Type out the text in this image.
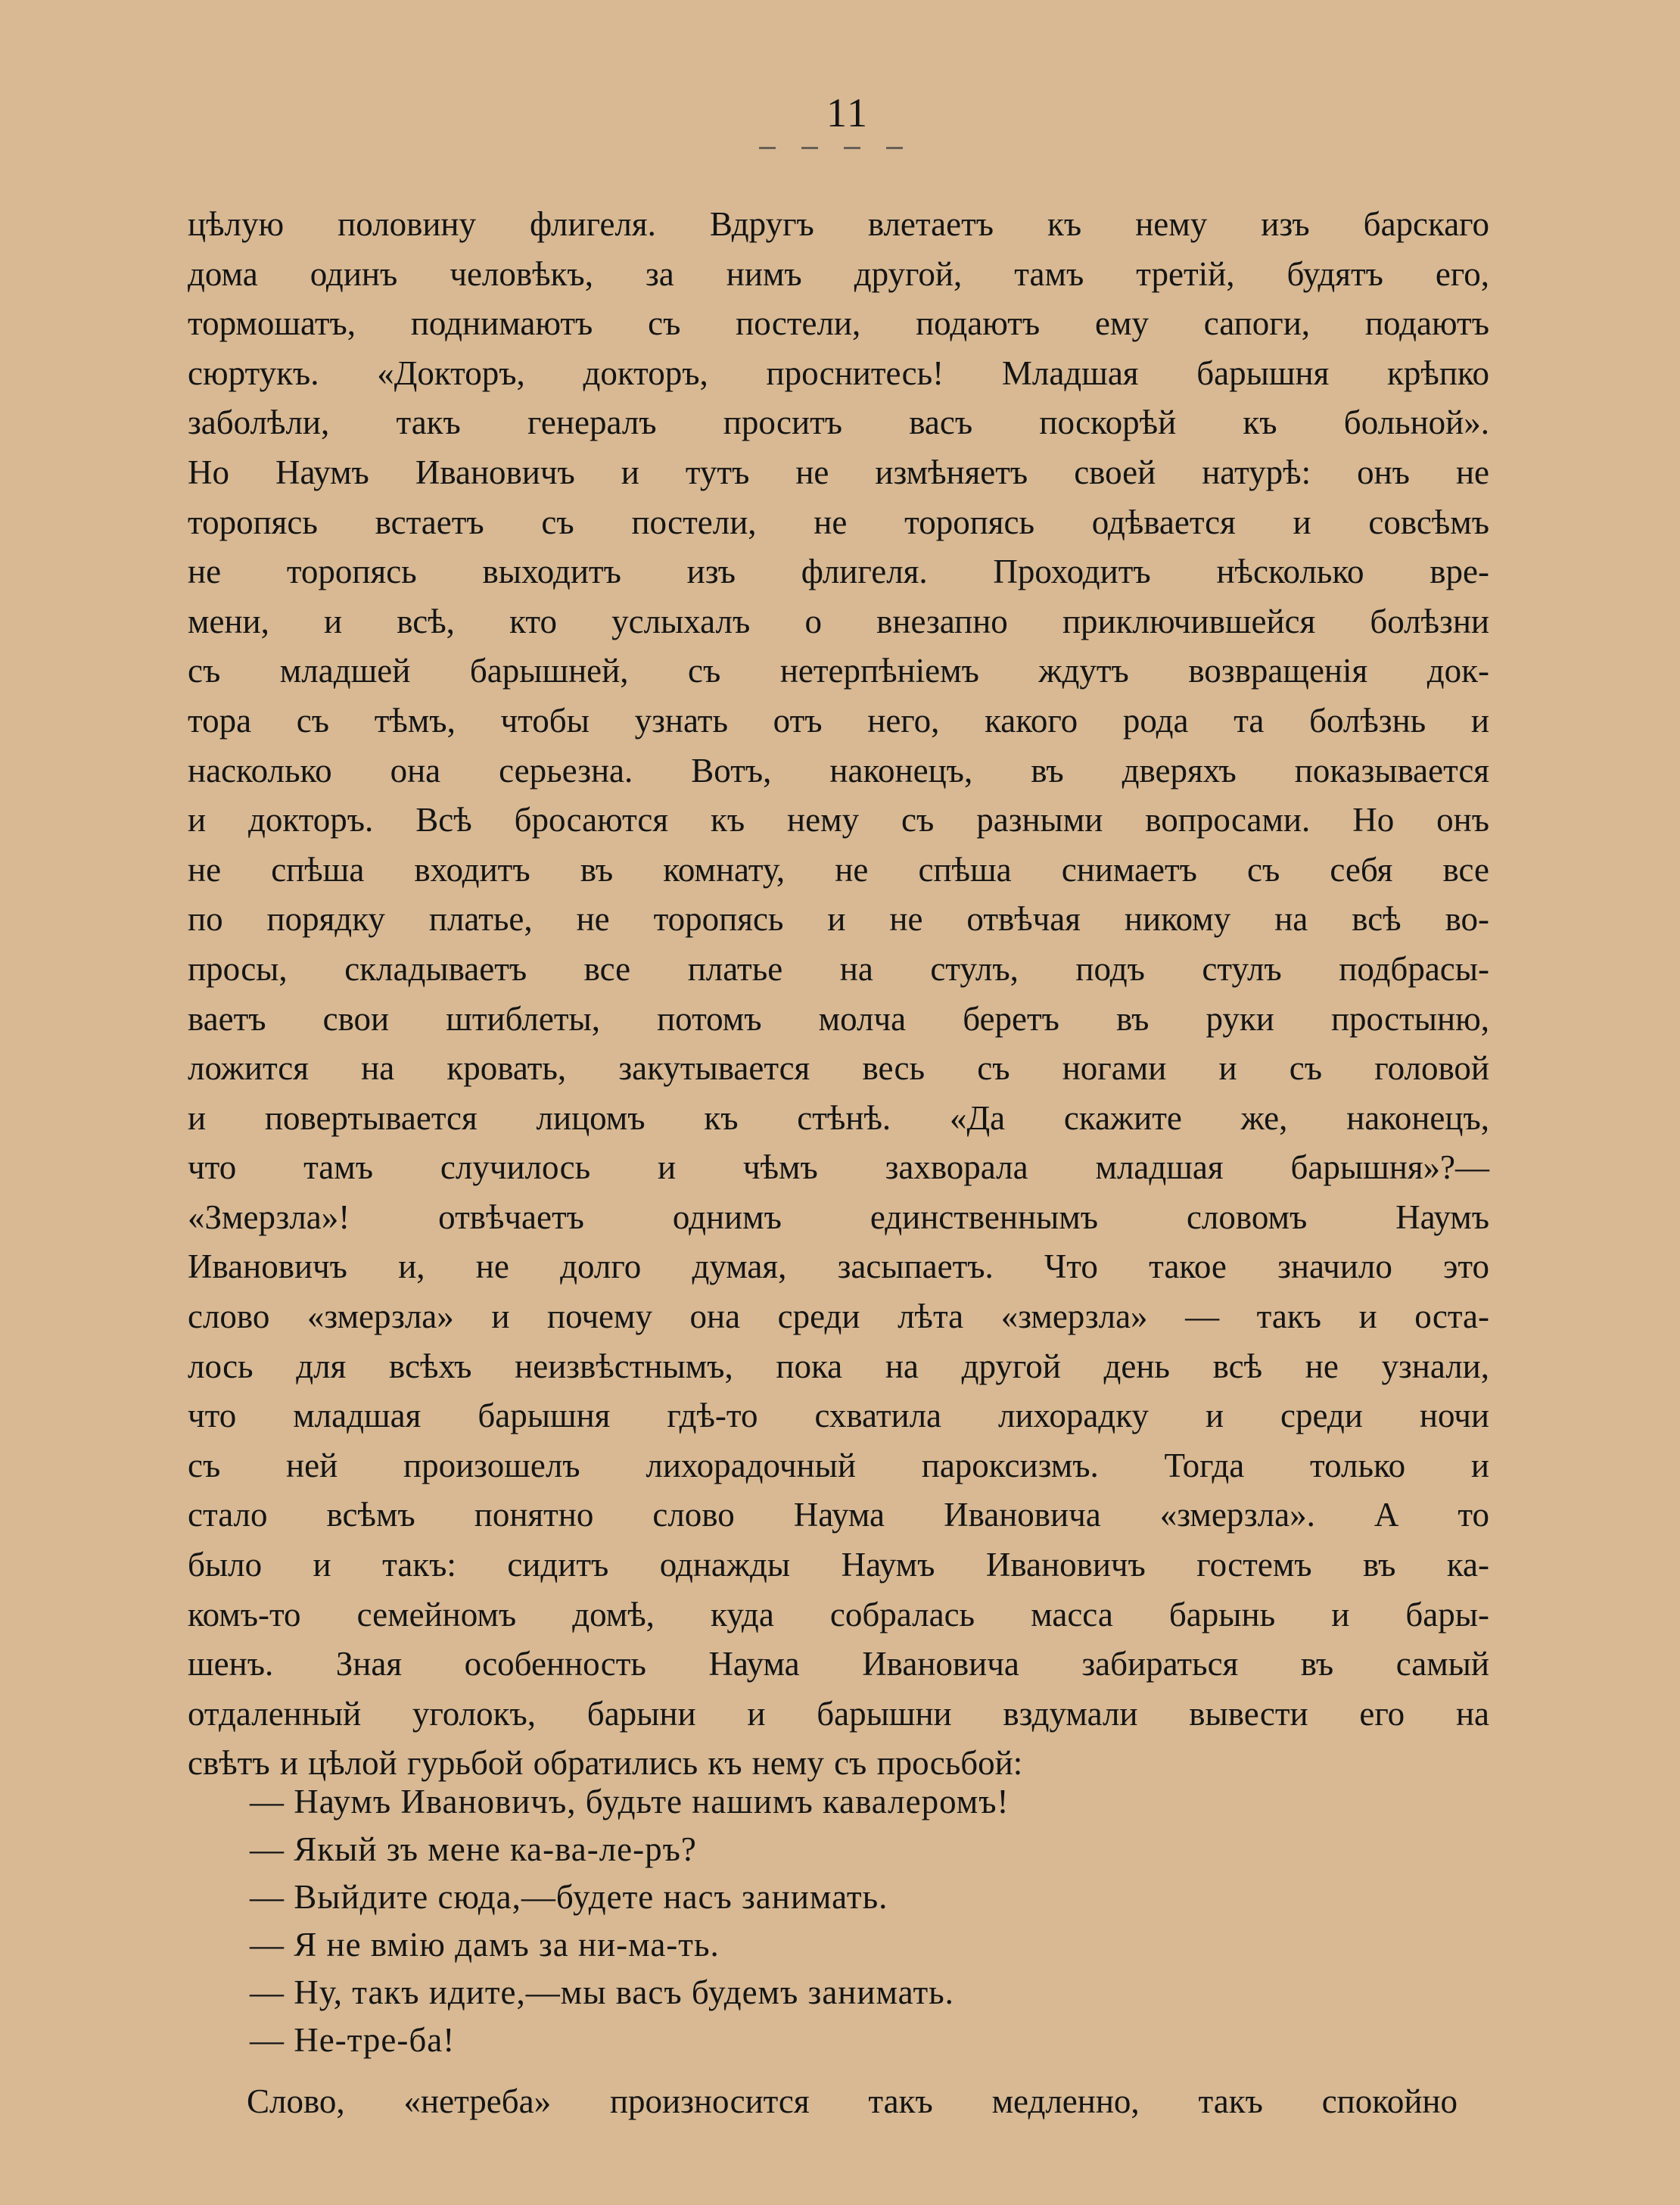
11
цѣлую половину флигеля. Вдругъ влетаетъ къ нему изъ барскаго
дома одинъ человѣкъ, за нимъ другой, тамъ третій, будятъ его,
тормошатъ, поднимаютъ съ постели, подаютъ ему сапоги, подаютъ
сюртукъ. «Докторъ, докторъ, проснитесь! Младшая барышня крѣпко
заболѣли, такъ генералъ проситъ васъ поскорѣй къ больной».
Но Наумъ Ивановичъ и тутъ не измѣняетъ своей натурѣ: онъ не
торопясь встаетъ съ постели, не торопясь одѣвается и совсѣмъ
не торопясь выходитъ изъ флигеля. Проходитъ нѣсколько вре-
мени, и всѣ, кто услыхалъ о внезапно приключившейся болѣзни
съ младшей барышней, съ нетерпѣніемъ ждутъ возвращенія док-
тора съ тѣмъ, чтобы узнать отъ него, какого рода та болѣзнь и
насколько она серьезна. Вотъ, наконецъ, въ дверяхъ показывается
и докторъ. Всѣ бросаются къ нему съ разными вопросами. Но онъ
не спѣша входитъ въ комнату, не спѣша снимаетъ съ себя все
по порядку платье, не торопясь и не отвѣчая никому на всѣ во-
просы, складываетъ все платье на стулъ, подъ стулъ подбрасы-
ваетъ свои штиблеты, потомъ молча беретъ въ руки простыню,
ложится на кровать, закутывается весь съ ногами и съ головой
и повертывается лицомъ къ стѣнѣ. «Да скажите же, наконецъ,
что тамъ случилось и чѣмъ захворала младшая барышня»?—
«Змерзла»! отвѣчаетъ однимъ единственнымъ словомъ Наумъ
Ивановичъ и, не долго думая, засыпаетъ. Что такое значило это
слово «змерзла» и почему она среди лѣта «змерзла» — такъ и оста-
лось для всѣхъ неизвѣстнымъ, пока на другой день всѣ не узнали,
что младшая барышня гдѣ-то схватила лихорадку и среди ночи
съ ней произошелъ лихорадочный пароксизмъ. Тогда только и
стало всѣмъ понятно слово Наума Ивановича «змерзла». А то
было и такъ: сидитъ однажды Наумъ Ивановичъ гостемъ въ ка-
комъ-то семейномъ домѣ, куда собралась масса барынь и бары-
шенъ. Зная особенность Наума Ивановича забираться въ самый
отдаленный уголокъ, барыни и барышни вздумали вывести его на
свѣтъ и цѣлой гурьбой обратились къ нему съ просьбой:
— Наумъ Ивановичъ, будьте нашимъ кавалеромъ!
— Якый зъ мене ка-ва-ле-ръ?
— Выйдите сюда,—будете насъ занимать.
— Я не вмію дамъ за ни-ма-ть.
— Ну, такъ идите,—мы васъ будемъ занимать.
— Не-тре-ба!
Слово, «нетреба» произносится такъ медленно, такъ спокойно
